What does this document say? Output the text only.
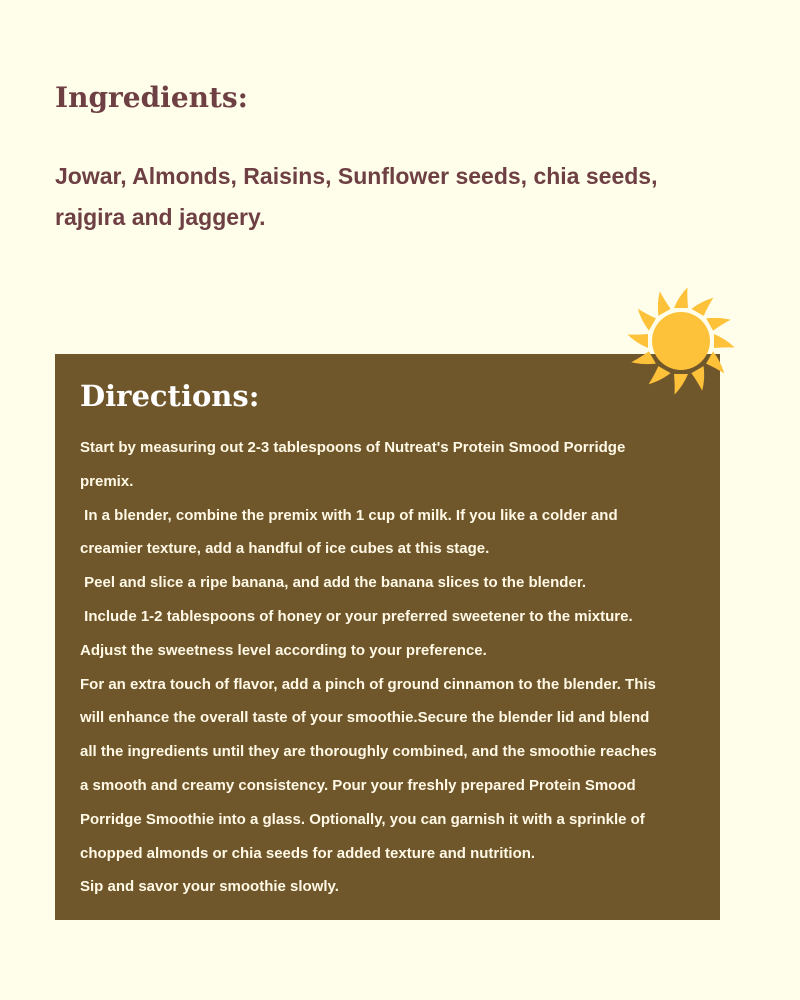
Ingredients:

Jowar, Almonds, Raisins, Sunflower seeds, chia seeds,
rajgira and jaggery.

Directions:
Start by measuring out 2-3 tablespoons of Nutreat's Protein Smood Porridge
premix.
In a blender, combine the premix with 1 cup of milk. If you like a colder and
creamier texture, add a handful of ice cubes at this stage.
Peel and slice a ripe banana, and add the banana slices to the blender.
Include 1-2 tablespoons of honey or your preferred sweetener to the mixture.
Adjust the sweetness level according to your preference.
For an extra touch of flavor, add a pinch of ground cinnamon to the blender. This
will enhance the overall taste of your smoothie.Secure the blender lid and blend
all the ingredients until they are thoroughly combined, and the smoothie reaches
a smooth and creamy consistency. Pour your freshly prepared Protein Smood
Porridge Smoothie into a glass. Optionally, you can garnish it with a sprinkle of
chopped almonds or chia seeds for added texture and nutrition.
Sip and savor your smoothie slowly.
